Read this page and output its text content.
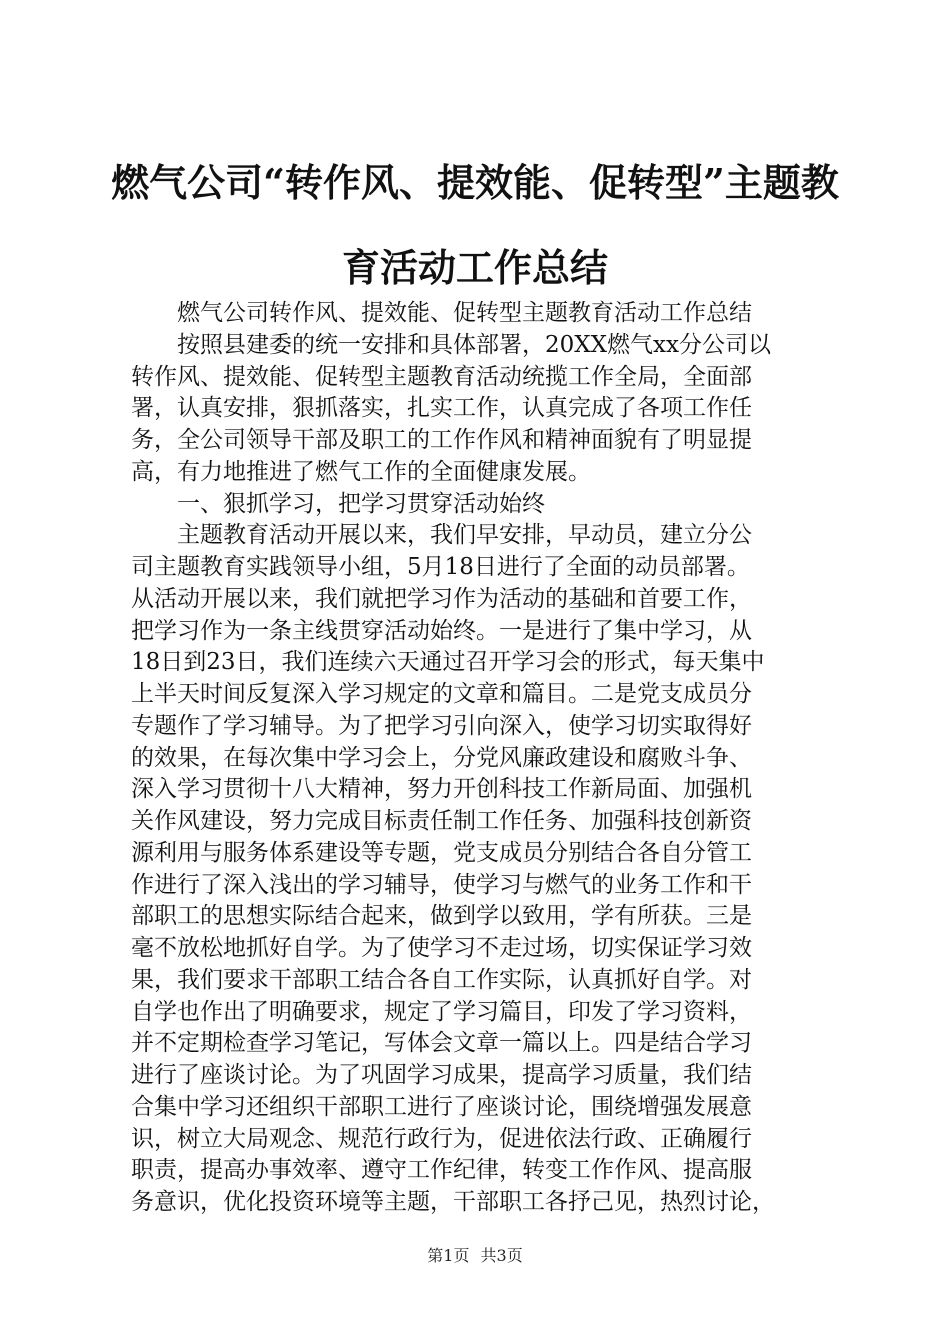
燃气公司“转作风、提效能、促转型”主题教
育活动工作总结
　　燃气公司转作风、提效能、促转型主题教育活动工作总结
　　按照县建委的统一安排和具体部署，20XX燃气xx分公司以
转作风、提效能、促转型主题教育活动统揽工作全局，全面部
署，认真安排，狠抓落实，扎实工作，认真完成了各项工作任
务，全公司领导干部及职工的工作作风和精神面貌有了明显提
高，有力地推进了燃气工作的全面健康发展。
　　一、狠抓学习，把学习贯穿活动始终
　　主题教育活动开展以来，我们早安排，早动员，建立分公
司主题教育实践领导小组，5月18日进行了全面的动员部署。
从活动开展以来，我们就把学习作为活动的基础和首要工作，
把学习作为一条主线贯穿活动始终。一是进行了集中学习，从
18日到23日，我们连续六天通过召开学习会的形式，每天集中
上半天时间反复深入学习规定的文章和篇目。二是党支成员分
专题作了学习辅导。为了把学习引向深入，使学习切实取得好
的效果，在每次集中学习会上，分党风廉政建设和腐败斗争、
深入学习贯彻十八大精神，努力开创科技工作新局面、加强机
关作风建设，努力完成目标责任制工作任务、加强科技创新资
源利用与服务体系建设等专题，党支成员分别结合各自分管工
作进行了深入浅出的学习辅导，使学习与燃气的业务工作和干
部职工的思想实际结合起来，做到学以致用，学有所获。三是
毫不放松地抓好自学。为了使学习不走过场，切实保证学习效
果，我们要求干部职工结合各自工作实际，认真抓好自学。对
自学也作出了明确要求，规定了学习篇目，印发了学习资料，
并不定期检查学习笔记，写体会文章一篇以上。四是结合学习
进行了座谈讨论。为了巩固学习成果，提高学习质量，我们结
合集中学习还组织干部职工进行了座谈讨论，围绕增强发展意
识，树立大局观念、规范行政行为，促进依法行政、正确履行
职责，提高办事效率、遵守工作纪律，转变工作作风、提高服
务意识，优化投资环境等主题，干部职工各抒己见，热烈讨论，
第1页 共3页
